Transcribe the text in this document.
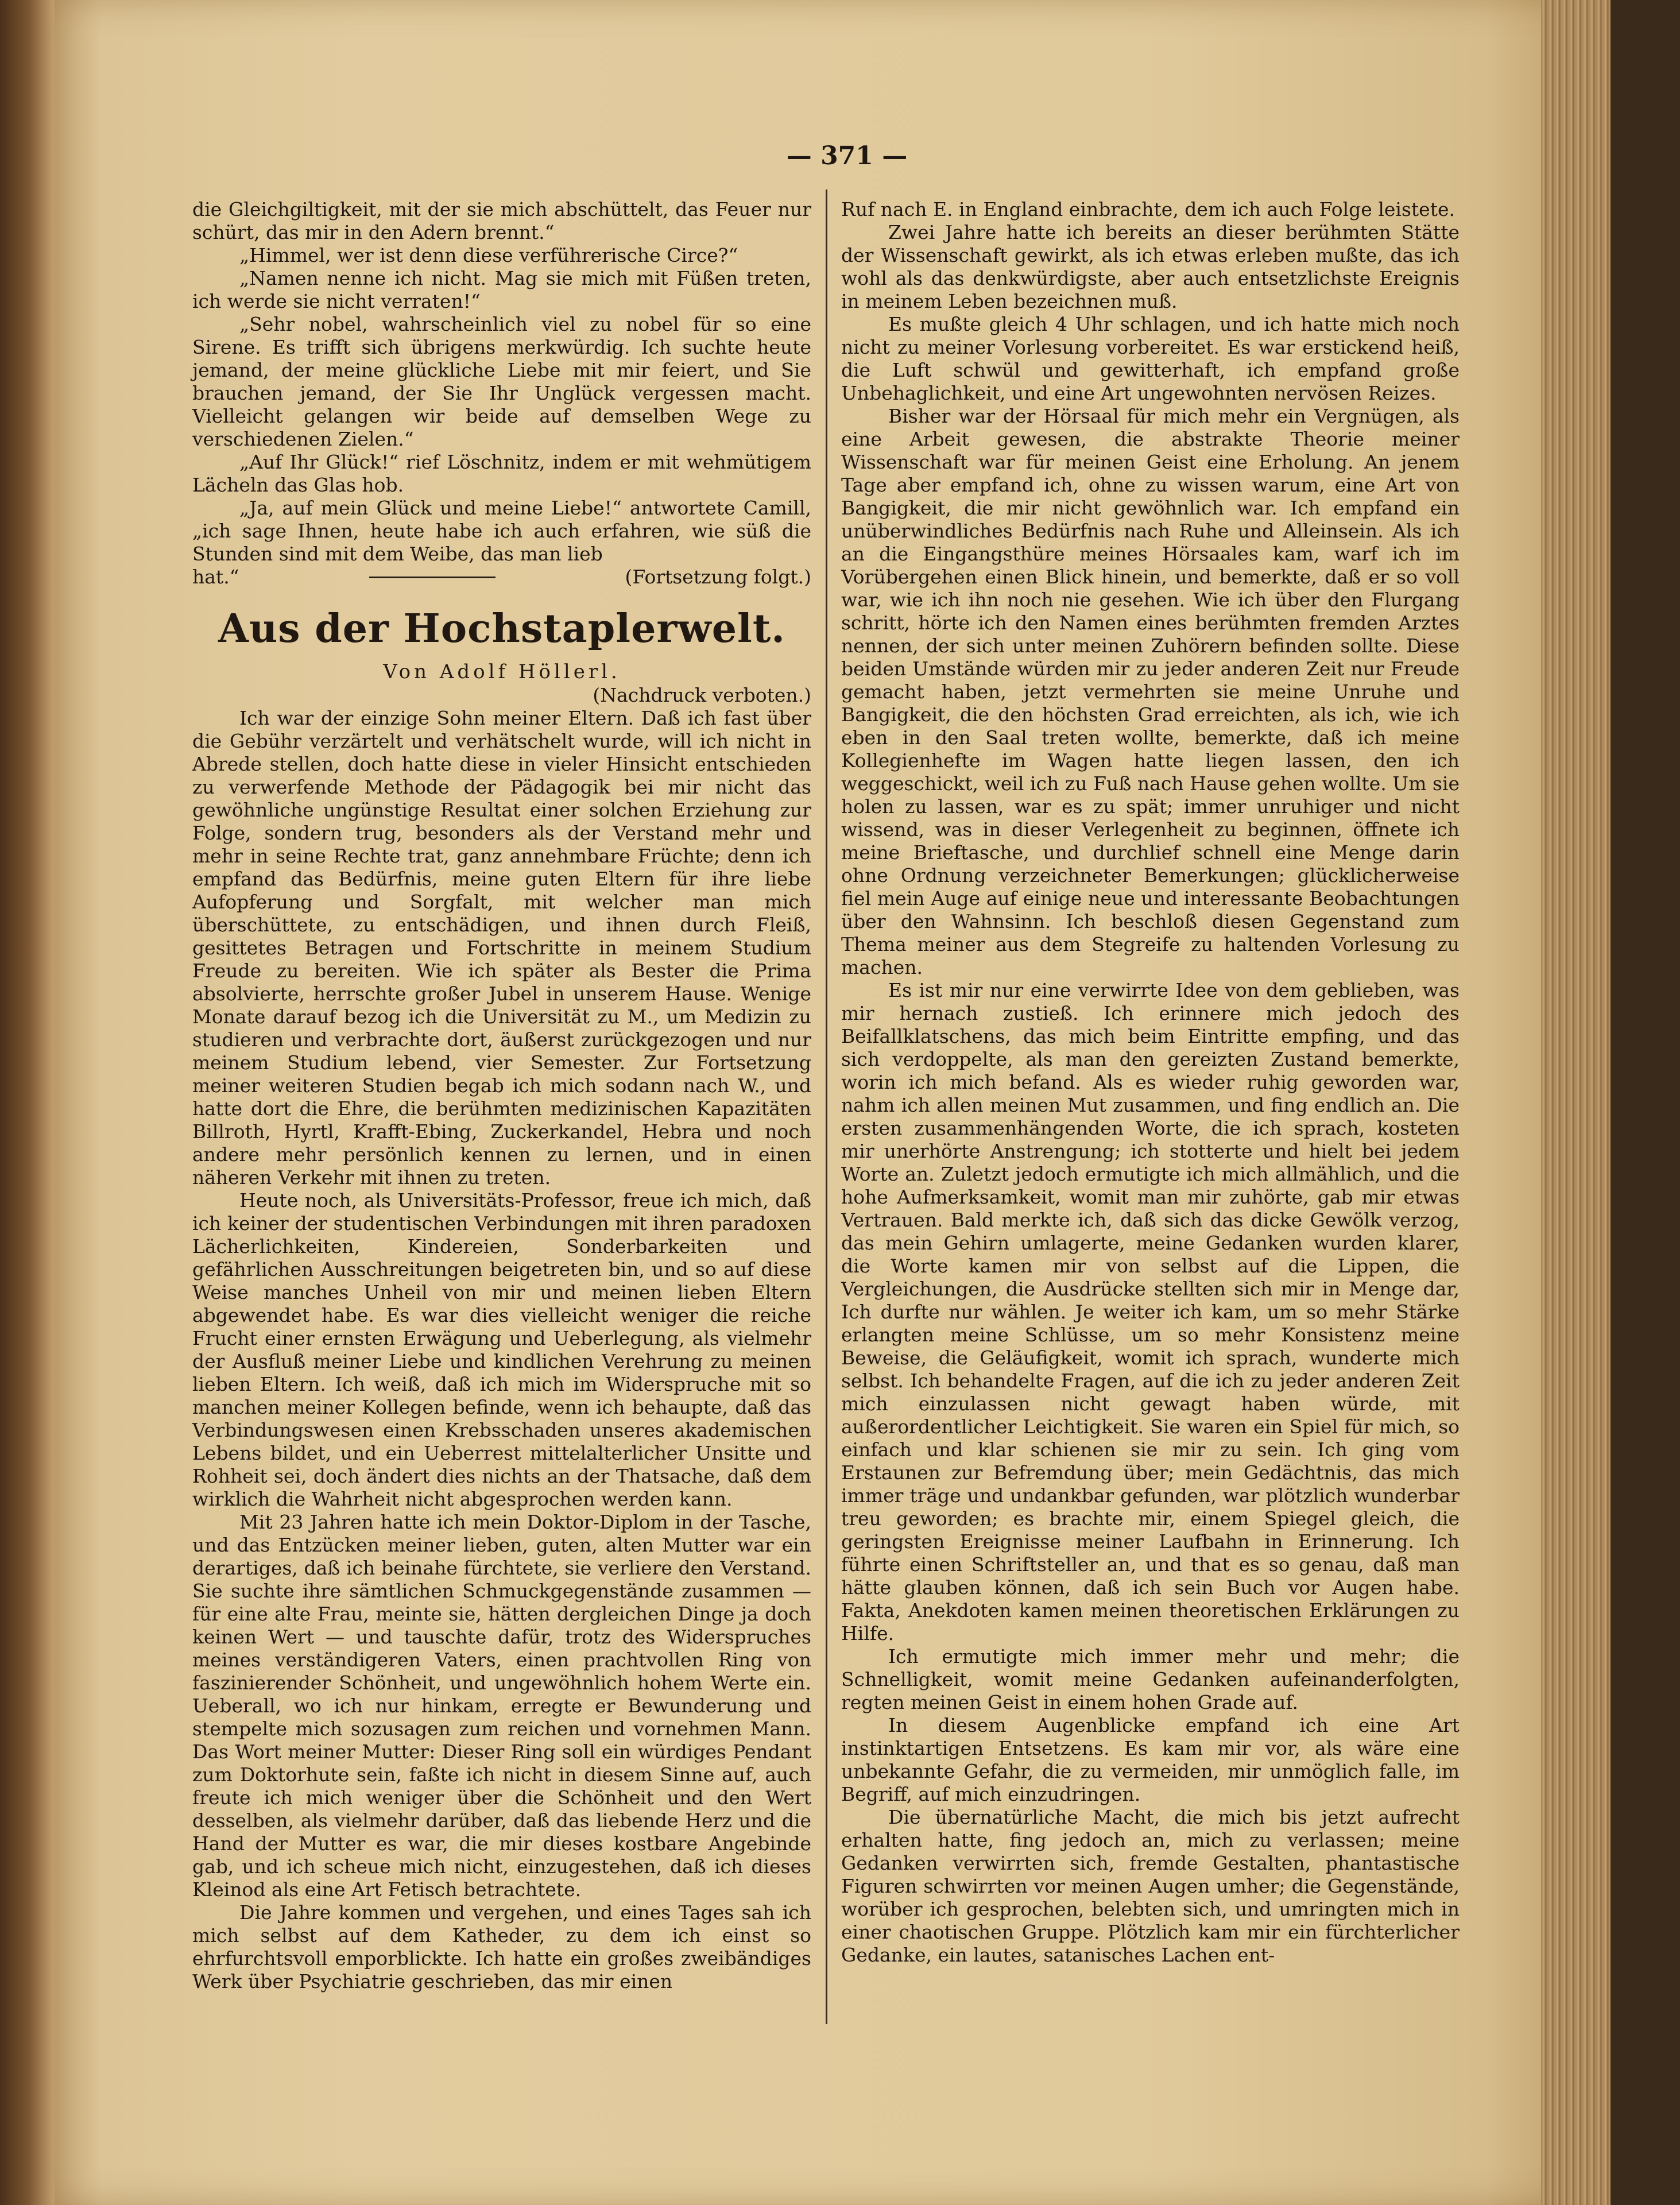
— 371 —

die Gleichgiltigkeit, mit der sie mich abschüttelt, das Feuer nur schürt, das mir in den Adern brennt.“

„Himmel, wer ist denn diese verführerische Circe?“

„Namen nenne ich nicht. Mag sie mich mit Füßen treten, ich werde sie nicht verraten!“

„Sehr nobel, wahrscheinlich viel zu nobel für so eine Sirene. Es trifft sich übrigens merkwürdig. Ich suchte heute jemand, der meine glückliche Liebe mit mir feiert, und Sie brauchen jemand, der Sie Ihr Unglück vergessen macht. Vielleicht gelangen wir beide auf demselben Wege zu verschiedenen Zielen.“

„Auf Ihr Glück!“ rief Löschnitz, indem er mit wehmütigem Lächeln das Glas hob.

„Ja, auf mein Glück und meine Liebe!“ antwortete Camill, „ich sage Ihnen, heute habe ich auch erfahren, wie süß die Stunden sind mit dem Weibe, das man lieb

hat.“	(Fortsetzung folgt.)
Aus der Hochstaplerwelt.

Von Adolf Höllerl.

(Nachdruck verboten.)

Ich war der einzige Sohn meiner Eltern. Daß ich fast über die Gebühr verzärtelt und verhätschelt wurde, will ich nicht in Abrede stellen, doch hatte diese in vieler Hinsicht entschieden zu verwerfende Methode der Pädagogik bei mir nicht das gewöhnliche ungünstige Resultat einer solchen Erziehung zur Folge, sondern trug, besonders als der Verstand mehr und mehr in seine Rechte trat, ganz annehmbare Früchte; denn ich empfand das Bedürfnis, meine guten Eltern für ihre liebe Aufopferung und Sorgfalt, mit welcher man mich überschüttete, zu entschädigen, und ihnen durch Fleiß, gesittetes Betragen und Fortschritte in meinem Studium Freude zu bereiten. Wie ich später als Bester die Prima absolvierte, herrschte großer Jubel in unserem Hause. Wenige Monate darauf bezog ich die Universität zu M., um Medizin zu studieren und verbrachte dort, äußerst zurückgezogen und nur meinem Studium lebend, vier Semester. Zur Fortsetzung meiner weiteren Studien begab ich mich sodann nach W., und hatte dort die Ehre, die berühmten medizinischen Kapazitäten Billroth, Hyrtl, Krafft-Ebing, Zuckerkandel, Hebra und noch andere mehr persönlich kennen zu lernen, und in einen näheren Verkehr mit ihnen zu treten.

Heute noch, als Universitäts-Professor, freue ich mich, daß ich keiner der studentischen Verbindungen mit ihren paradoxen Lächerlichkeiten, Kindereien, Sonderbarkeiten und gefährlichen Ausschreitungen beigetreten bin, und so auf diese Weise manches Unheil von mir und meinen lieben Eltern abgewendet habe. Es war dies vielleicht weniger die reiche Frucht einer ernsten Erwägung und Ueberlegung, als vielmehr der Ausfluß meiner Liebe und kindlichen Verehrung zu meinen lieben Eltern. Ich weiß, daß ich mich im Widerspruche mit so manchen meiner Kollegen befinde, wenn ich behaupte, daß das Verbindungswesen einen Krebsschaden unseres akademischen Lebens bildet, und ein Ueberrest mittelalterlicher Unsitte und Rohheit sei, doch ändert dies nichts an der Thatsache, daß dem wirklich die Wahrheit nicht abgesprochen werden kann.

Mit 23 Jahren hatte ich mein Doktor-Diplom in der Tasche, und das Entzücken meiner lieben, guten, alten Mutter war ein derartiges, daß ich beinahe fürchtete, sie verliere den Verstand. Sie suchte ihre sämtlichen Schmuckgegenstände zusammen — für eine alte Frau, meinte sie, hätten dergleichen Dinge ja doch keinen Wert — und tauschte dafür, trotz des Widerspruches meines verständigeren Vaters, einen prachtvollen Ring von faszinierender Schönheit, und ungewöhnlich hohem Werte ein. Ueberall, wo ich nur hinkam, erregte er Bewunderung und stempelte mich sozusagen zum reichen und vornehmen Mann. Das Wort meiner Mutter: Dieser Ring soll ein würdiges Pendant zum Doktorhute sein, faßte ich nicht in diesem Sinne auf, auch freute ich mich weniger über die Schönheit und den Wert desselben, als vielmehr darüber, daß das liebende Herz und die Hand der Mutter es war, die mir dieses kostbare Angebinde gab, und ich scheue mich nicht, einzugestehen, daß ich dieses Kleinod als eine Art Fetisch betrachtete.

Die Jahre kommen und vergehen, und eines Tages sah ich mich selbst auf dem Katheder, zu dem ich einst so ehrfurchtsvoll emporblickte. Ich hatte ein großes zweibändiges Werk über Psychiatrie geschrieben, das mir einen

Ruf nach E. in England einbrachte, dem ich auch Folge leistete.

Zwei Jahre hatte ich bereits an dieser berühmten Stätte der Wissenschaft gewirkt, als ich etwas erleben mußte, das ich wohl als das denkwürdigste, aber auch entsetzlichste Ereignis in meinem Leben bezeichnen muß.

Es mußte gleich 4 Uhr schlagen, und ich hatte mich noch nicht zu meiner Vorlesung vorbereitet. Es war erstickend heiß, die Luft schwül und gewitterhaft, ich empfand große Unbehaglichkeit, und eine Art ungewohnten nervösen Reizes.

Bisher war der Hörsaal für mich mehr ein Vergnügen, als eine Arbeit gewesen, die abstrakte Theorie meiner Wissenschaft war für meinen Geist eine Erholung. An jenem Tage aber empfand ich, ohne zu wissen warum, eine Art von Bangigkeit, die mir nicht gewöhnlich war. Ich empfand ein unüberwindliches Bedürfnis nach Ruhe und Alleinsein. Als ich an die Eingangsthüre meines Hörsaales kam, warf ich im Vorübergehen einen Blick hinein, und bemerkte, daß er so voll war, wie ich ihn noch nie gesehen. Wie ich über den Flurgang schritt, hörte ich den Namen eines berühmten fremden Arztes nennen, der sich unter meinen Zuhörern befinden sollte. Diese beiden Umstände würden mir zu jeder anderen Zeit nur Freude gemacht haben, jetzt vermehrten sie meine Unruhe und Bangigkeit, die den höchsten Grad erreichten, als ich, wie ich eben in den Saal treten wollte, bemerkte, daß ich meine Kollegienhefte im Wagen hatte liegen lassen, den ich weggeschickt, weil ich zu Fuß nach Hause gehen wollte. Um sie holen zu lassen, war es zu spät; immer unruhiger und nicht wissend, was in dieser Verlegenheit zu beginnen, öffnete ich meine Brieftasche, und durchlief schnell eine Menge darin ohne Ordnung verzeichneter Bemerkungen; glücklicherweise fiel mein Auge auf einige neue und interessante Beobachtungen über den Wahnsinn. Ich beschloß diesen Gegenstand zum Thema meiner aus dem Stegreife zu haltenden Vorlesung zu machen.

Es ist mir nur eine verwirrte Idee von dem geblieben, was mir hernach zustieß. Ich erinnere mich jedoch des Beifallklatschens, das mich beim Eintritte empfing, und das sich verdoppelte, als man den gereizten Zustand bemerkte, worin ich mich befand. Als es wieder ruhig geworden war, nahm ich allen meinen Mut zusammen, und fing endlich an. Die ersten zusammenhängenden Worte, die ich sprach, kosteten mir unerhörte Anstrengung; ich stotterte und hielt bei jedem Worte an. Zuletzt jedoch ermutigte ich mich allmählich, und die hohe Aufmerksamkeit, womit man mir zuhörte, gab mir etwas Vertrauen. Bald merkte ich, daß sich das dicke Gewölk verzog, das mein Gehirn umlagerte, meine Gedanken wurden klarer, die Worte kamen mir von selbst auf die Lippen, die Vergleichungen, die Ausdrücke stellten sich mir in Menge dar, Ich durfte nur wählen. Je weiter ich kam, um so mehr Stärke erlangten meine Schlüsse, um so mehr Konsistenz meine Beweise, die Geläufigkeit, womit ich sprach, wunderte mich selbst. Ich behandelte Fragen, auf die ich zu jeder anderen Zeit mich einzulassen nicht gewagt haben würde, mit außerordentlicher Leichtigkeit. Sie waren ein Spiel für mich, so einfach und klar schienen sie mir zu sein. Ich ging vom Erstaunen zur Befremdung über; mein Gedächtnis, das mich immer träge und undankbar gefunden, war plötzlich wunderbar treu geworden; es brachte mir, einem Spiegel gleich, die geringsten Ereignisse meiner Laufbahn in Erinnerung. Ich führte einen Schriftsteller an, und that es so genau, daß man hätte glauben können, daß ich sein Buch vor Augen habe. Fakta, Anekdoten kamen meinen theoretischen Erklärungen zu Hilfe.

Ich ermutigte mich immer mehr und mehr; die Schnelligkeit, womit meine Gedanken aufeinanderfolgten, regten meinen Geist in einem hohen Grade auf.

In diesem Augenblicke empfand ich eine Art instinktartigen Entsetzens. Es kam mir vor, als wäre eine unbekannte Gefahr, die zu vermeiden, mir unmöglich falle, im Begriff, auf mich einzudringen.

Die übernatürliche Macht, die mich bis jetzt aufrecht erhalten hatte, fing jedoch an, mich zu verlassen; meine Gedanken verwirrten sich, fremde Gestalten, phantastische Figuren schwirrten vor meinen Augen umher; die Gegenstände, worüber ich gesprochen, belebten sich, und umringten mich in einer chaotischen Gruppe. Plötzlich kam mir ein fürchterlicher Gedanke, ein lautes, satanisches Lachen ent-
